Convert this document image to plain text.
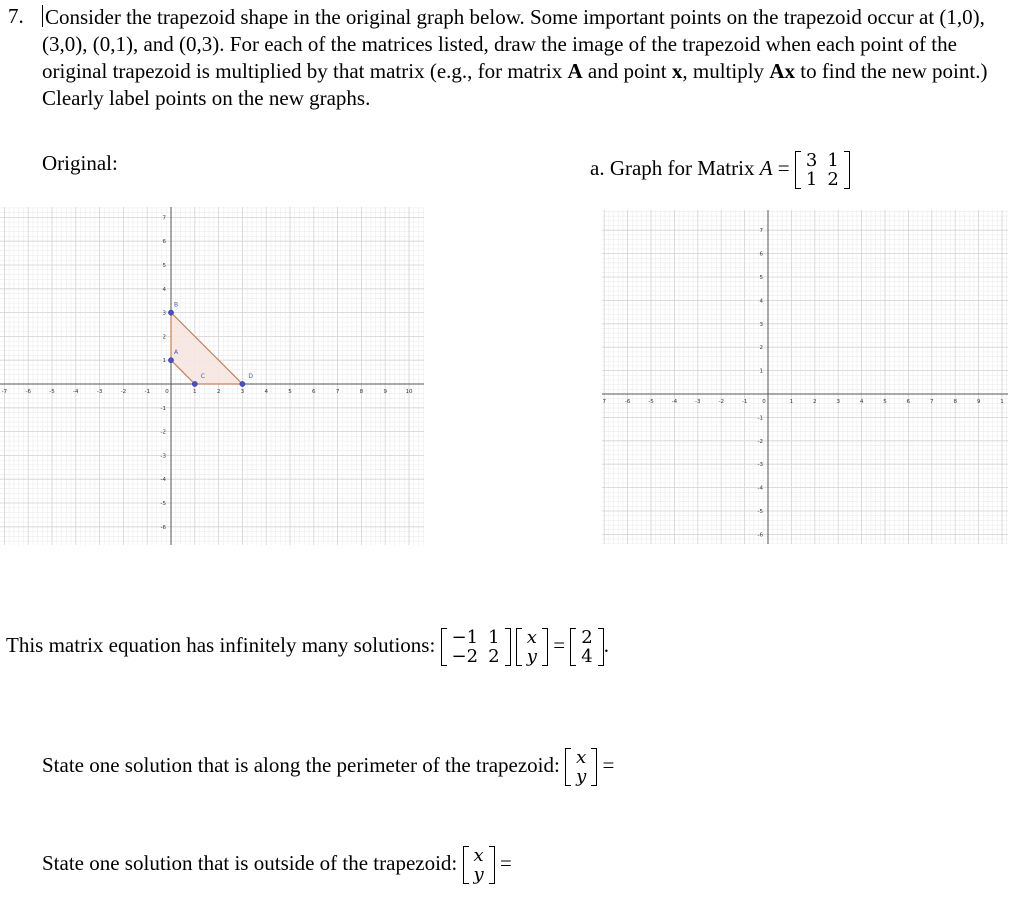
7. Consider the trapezoid shape in the original graph below. Some important points on the trapezoid occur at (1,0), (3,0), (0,1), and (0,3). For each of the matrices listed, draw the image of the trapezoid when each point of the original trapezoid is multiplied by that matrix (e.g., for matrix A and point x, multiply Ax to find the new point.) Clearly label points on the new graphs.
Original:	a. Graph for Matrix A = 3	1
1	2
-7	-6	-5	-4	-3	-2	-1	0	1	2	3	4	5	6	7	8	9	10
7
6
5
4
3
2
1
-1
-2
-3
-4
-5
-6
A
B
C	D
7	-6	-5	-4	-3	-2	-1	0	1	2	3	4	5	6	7	8	9	1
7
6
5
4
3
2
1
-1
-2
-3
-4
-5
-6
This matrix equation has infinitely many solutions: −1	1
−2	2

x
y = 2
4 .
State one solution that is along the perimeter of the trapezoid: x
y =
State one solution that is outside of the trapezoid: x
y =
